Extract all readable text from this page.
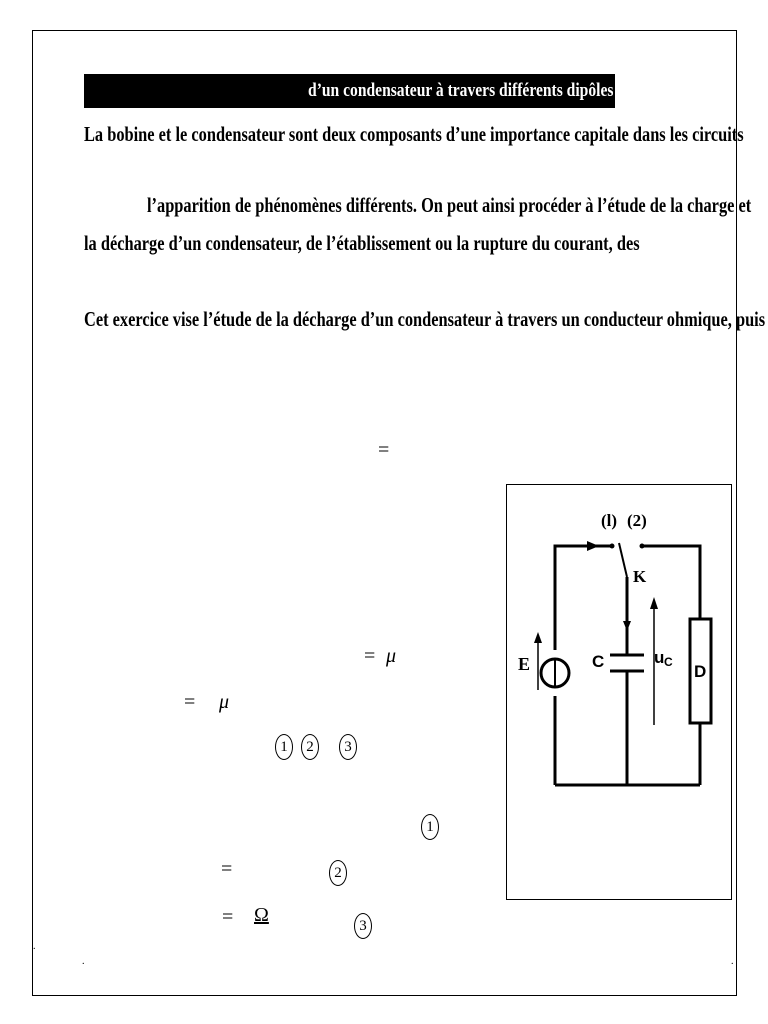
d’un condensateur à travers différents dipôles
La bobine et le condensateur sont deux composants d’une importance capitale dans les circuits
l’apparition de phénomènes différents. On peut ainsi procéder à l’étude de la charge et
la décharge d’un condensateur, de l’établissement ou la rupture du courant, des
Cet exercice vise l’étude de la décharge d’un condensateur à travers un conducteur ohmique, puis
=
= μ
= μ
1	2	3
1
=	2
= Ω	3
.
.	.
(l) (2)
K
E	C	u C D
